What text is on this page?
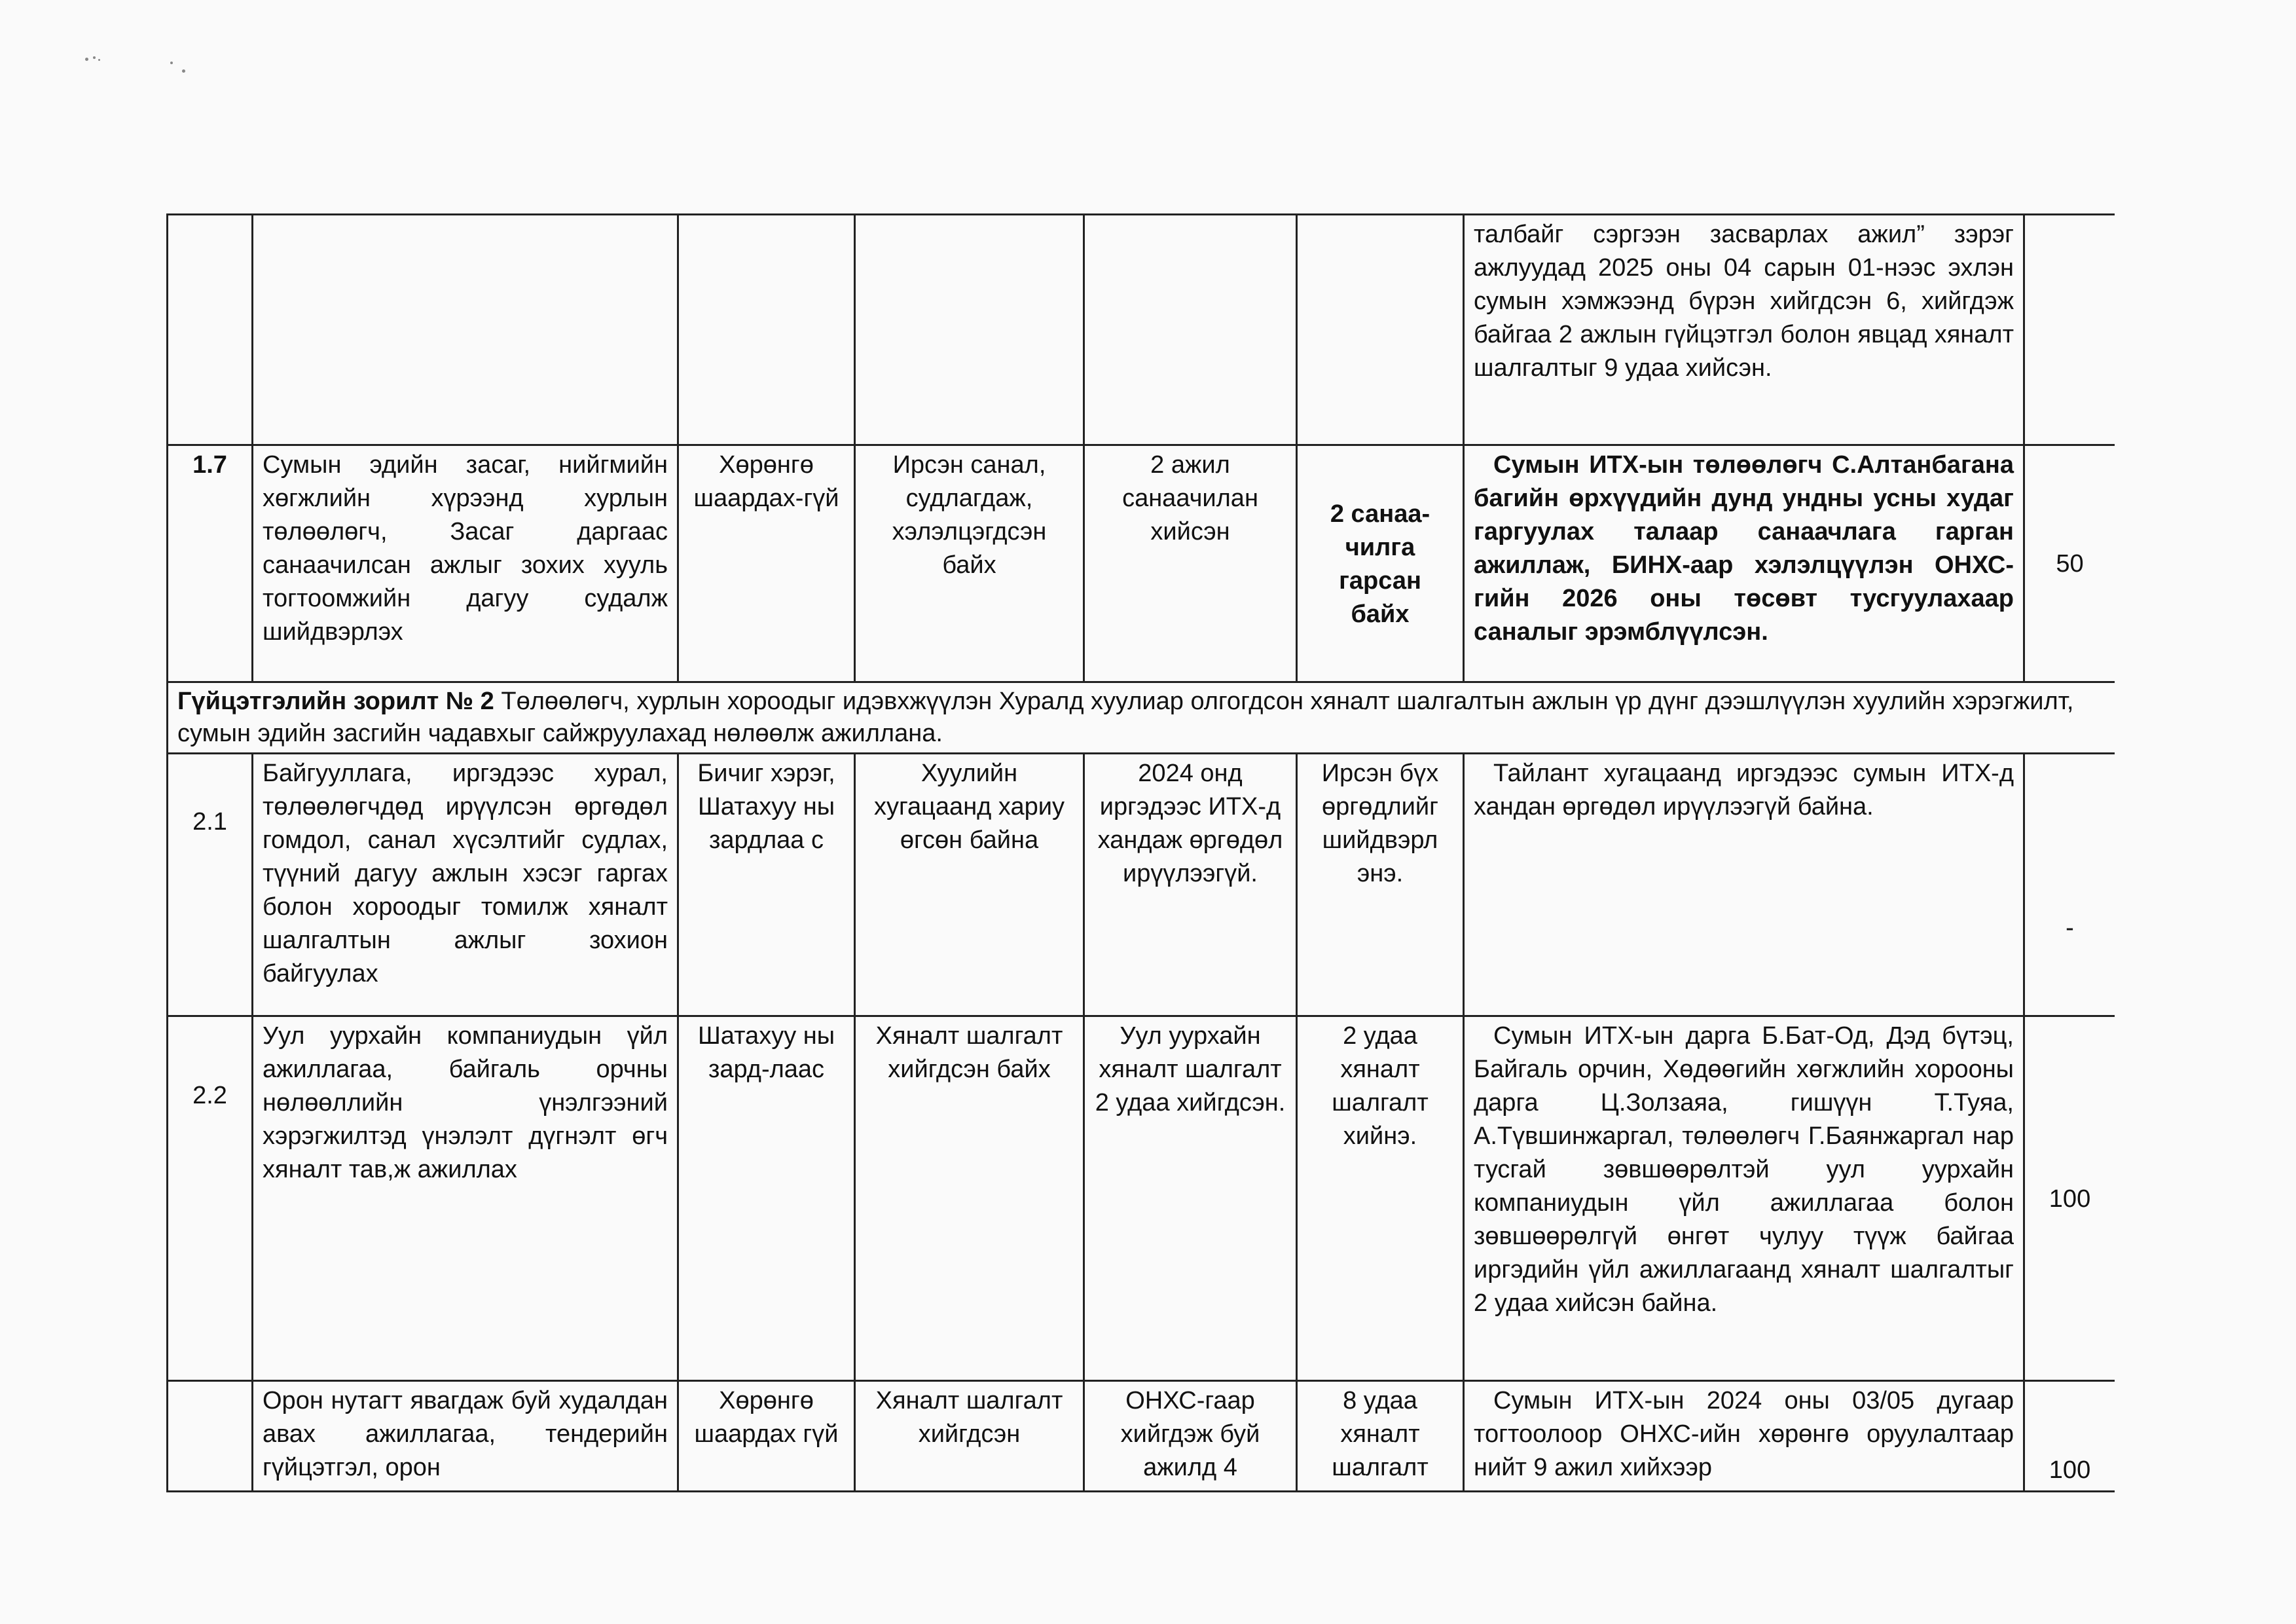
						талбайг сэргээн засварлах ажил” зэрэг ажлуудад 2025 оны 04 сарын 01-нээс эхлэн сумын хэмжээнд бүрэн хийгдсэн 6, хийгдэж байгаа 2 ажлын гүйцэтгэл болон явцад хяналт шалгалтыг 9 удаа хийсэн.	
1.7	Сумын эдийн засаг, нийгмийн хөгжлийн хүрээнд хурлын төлөөлөгч, Засаг даргаас санаачилсан ажлыг зохих хууль тогтоомжийн дагуу судалж шийдвэрлэх	Хөрөнгө шаардах-гүй	Ирсэн санал, судлагдаж, хэлэлцэгдсэн байх	2 ажил санаачилан хийсэн	2 санаа-чилга гарсан байх	Сумын ИТХ-ын төлөөлөгч С.Алтанбагана багийн өрхүүдийн дунд ундны усны худаг гаргуулах талаар санаачлага гарган ажиллаж, БИНХ-аар хэлэлцүүлэн ОНХС-гийн 2026 оны төсөвт тусгуулахаар саналыг эрэмблүүлсэн.	50
Гүйцэтгэлийн зорилт № 2 Төлөөлөгч, хурлын хороодыг идэвхжүүлэн Хуралд хуулиар олгогдсон хяналт шалгалтын ажлын үр дүнг дээшлүүлэн хуулийн хэрэгжилт, сумын эдийн засгийн чадавхыг сайжруулахад нөлөөлж ажиллана.							
2.1	Байгууллага, иргэдээс хурал, төлөөлөгчдөд ирүүлсэн өргөдөл гомдол, санал хүсэлтийг судлах, түүний дагуу ажлын хэсэг гаргах болон хороодыг томилж хяналт шалгалтын ажлыг зохион байгуулах	Бичиг хэрэг, Шатахуу ны зардлаа с	Хуулийн хугацаанд хариу өгсөн байна	2024 онд иргэдээс ИТХ-д хандаж өргөдөл ирүүлээгүй.	Ирсэн бүх өргөдлийг шийдвэрл энэ.	Тайлант хугацаанд иргэдээс сумын ИТХ-д хандан өргөдөл ирүүлээгүй байна.	-
2.2	Уул уурхайн компаниудын үйл ажиллагаа, байгаль орчны нөлөөллийн үнэлгээний хэрэгжилтэд үнэлэлт дүгнэлт өгч хяналт тав,ж ажиллах	Шатахуу ны зард-лаас	Хяналт шалгалт хийгдсэн байх	Уул уурхайн хяналт шалгалт 2 удаа хийгдсэн.	2 удаа хяналт шалгалт хийнэ.	Сумын ИТХ-ын дарга Б.Бат-Од, Дэд бүтэц, Байгаль орчин, Хөдөөгийн хөгжлийн хорооны дарга Ц.Золзаяа, гишүүн Т.Туяа, А.Түвшинжаргал, төлөөлөгч Г.Баянжаргал нар тусгай зөвшөөрөлтэй уул уурхайн компаниудын үйл ажиллагаа болон зөвшөөрөлгүй өнгөт чулуу түүж байгаа иргэдийн үйл ажиллагаанд хяналт шалгалтыг 2 удаа хийсэн байна.	100
	Орон нутагт явагдаж буй худалдан авах ажиллагаа, тендерийн гүйцэтгэл, орон	Хөрөнгө шаардах гүй	Хяналт шалгалт хийгдсэн	ОНХС-гаар хийгдэж буй ажилд 4	8 удаа хяналт шалгалт	Сумын ИТХ-ын 2024 оны 03/05 дугаар тогтоолоор ОНХС-ийн хөрөнгө оруулалтаар нийт 9 ажил хийхээр	100
